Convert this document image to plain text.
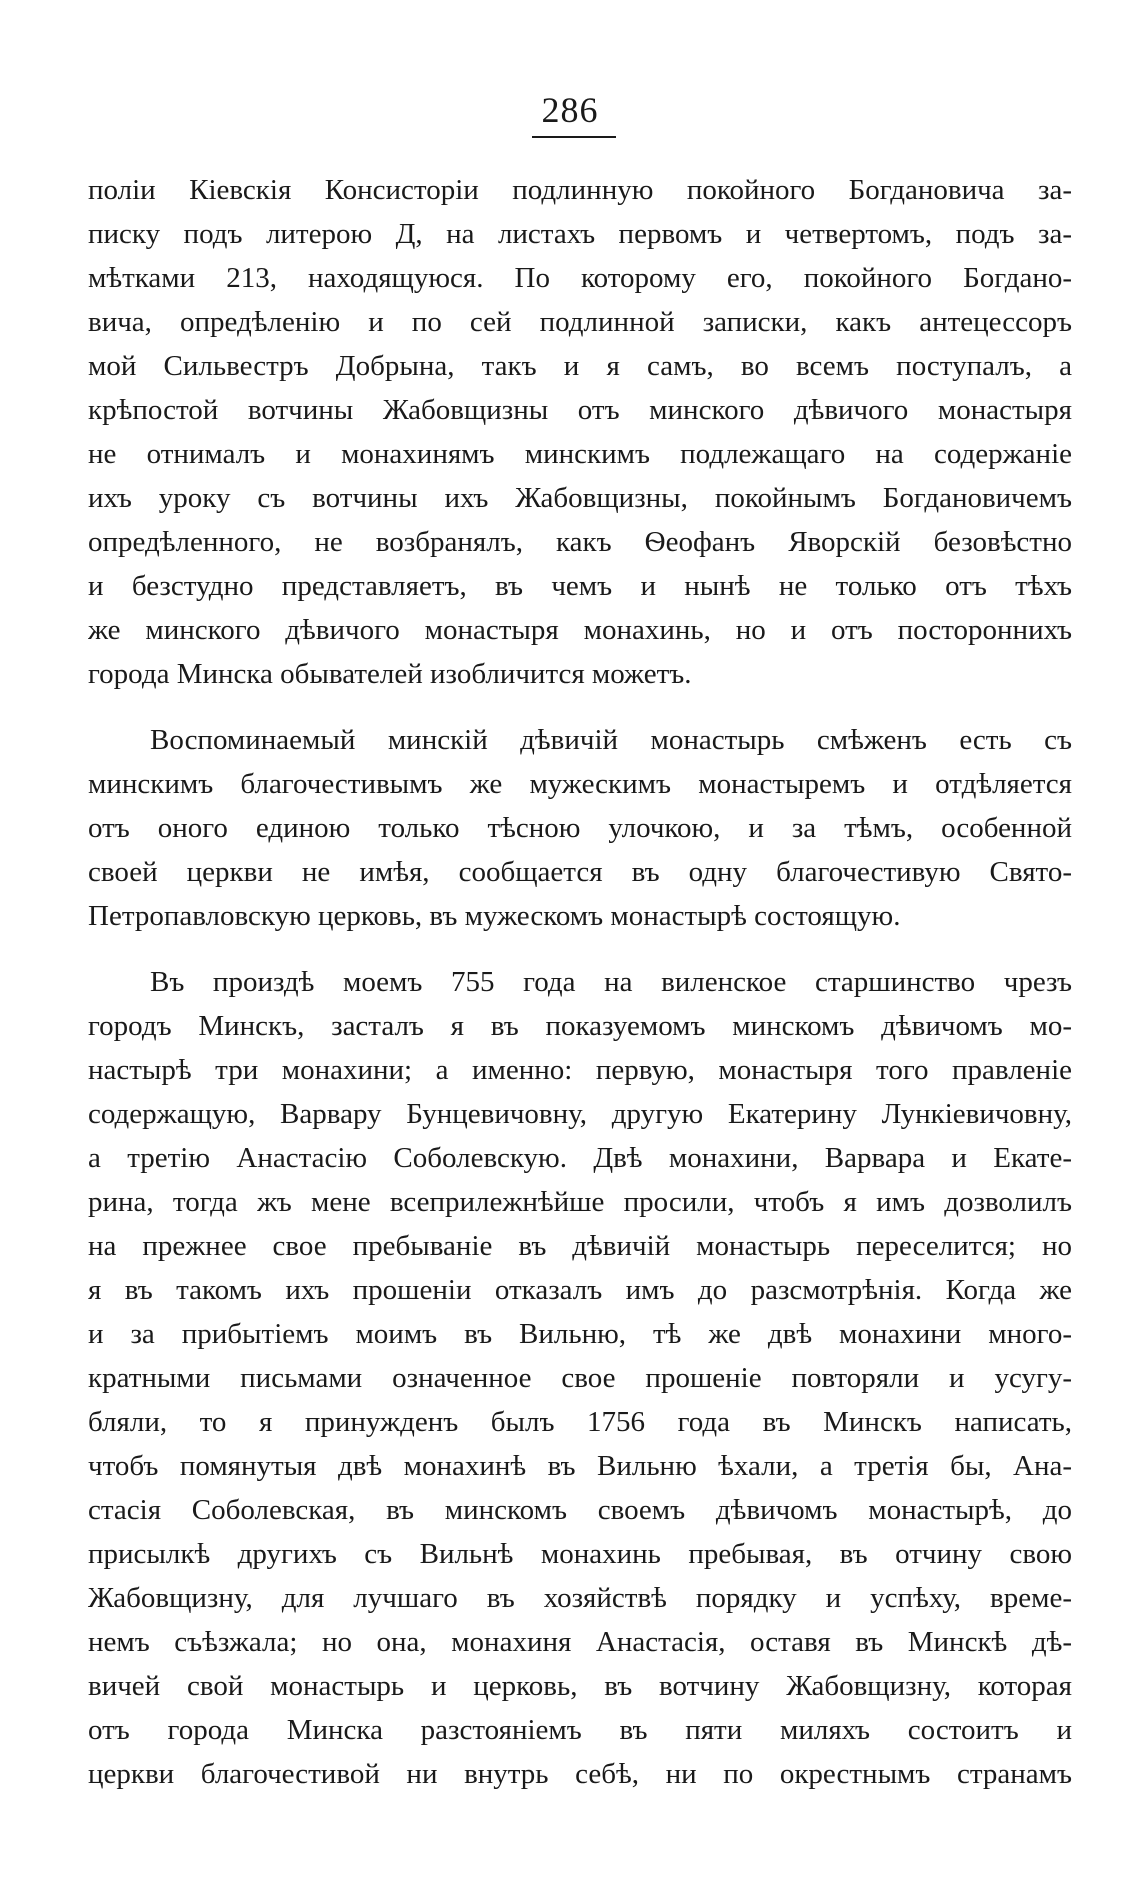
286
полiи Кiевскiя Консисторiи подлинную покойного Богдановича за-
писку подъ литерою Д, на листахъ первомъ и четвертомъ, подъ за-
мѣтками 213, находящуюся. По которому его, покойного Богдано-
вича, опредѣленiю и по сей подлинной записки, какъ антецессоръ
мой Сильвестръ Добрына, такъ и я самъ, во всемъ поступалъ, а
крѣпостой вотчины Жабовщизны отъ минского дѣвичого монастыря
не отнималъ и монахинямъ минскимъ подлежащаго на содержанiе
ихъ уроку съ вотчины ихъ Жабовщизны, покойнымъ Богдановичемъ
опредѣленного, не возбранялъ, какъ Ѳеофанъ Яворскiй безовѣстно
и безстудно представляетъ, въ чемъ и нынѣ не только отъ тѣхъ
же минского дѣвичого монастыря монахинь, но и отъ постороннихъ
города Минска обывателей изобличится можетъ.
Воспоминаемый минскiй дѣвичiй монастырь смѣженъ есть съ
минскимъ благочестивымъ же мужескимъ монастыремъ и отдѣляется
отъ оного единою только тѣсною улочкою, и за тѣмъ, особенной
своей церкви не имѣя, сообщается въ одну благочестивую Свято-
Петропавловскую церковь, въ мужескомъ монастырѣ состоящую.
Въ произдѣ моемъ 755 года на виленское старшинство чрезъ
городъ Минскъ, засталъ я въ показуемомъ минскомъ дѣвичомъ мо-
настырѣ три монахини; а именно: первую, монастыря того правленiе
содержащую, Варвару Бунцевичовну, другую Екатерину Лункiевичовну,
а третiю Анастасiю Соболевскую. Двѣ монахини, Варвара и Екате-
рина, тогда жъ мене всеприлежнѣйше просили, чтобъ я имъ дозволилъ
на прежнее свое пребыванiе въ дѣвичiй монастырь переселится; но
я въ такомъ ихъ прошенiи отказалъ имъ до разсмотрѣнiя. Когда же
и за прибытiемъ моимъ въ Вильню, тѣ же двѣ монахини много-
кратными письмами означенное свое прошенiе повторяли и усугу-
бляли, то я принужденъ былъ 1756 года въ Минскъ написать,
чтобъ помянутыя двѣ монахинѣ въ Вильню ѣхали, а третiя бы, Ана-
стасiя Соболевская, въ минскомъ своемъ дѣвичомъ монастырѣ, до
присылкѣ другихъ съ Вильнѣ монахинь пребывая, въ отчину свою
Жабовщизну, для лучшаго въ хозяйствѣ порядку и успѣху, време-
немъ съѣзжала; но она, монахиня Анастасiя, оставя въ Минскѣ дѣ-
вичей свой монастырь и церковь, въ вотчину Жабовщизну, которая
отъ города Минска разстоянiемъ въ пяти миляхъ состоитъ и
церкви благочестивой ни внутрь себѣ, ни по окрестнымъ странамъ
